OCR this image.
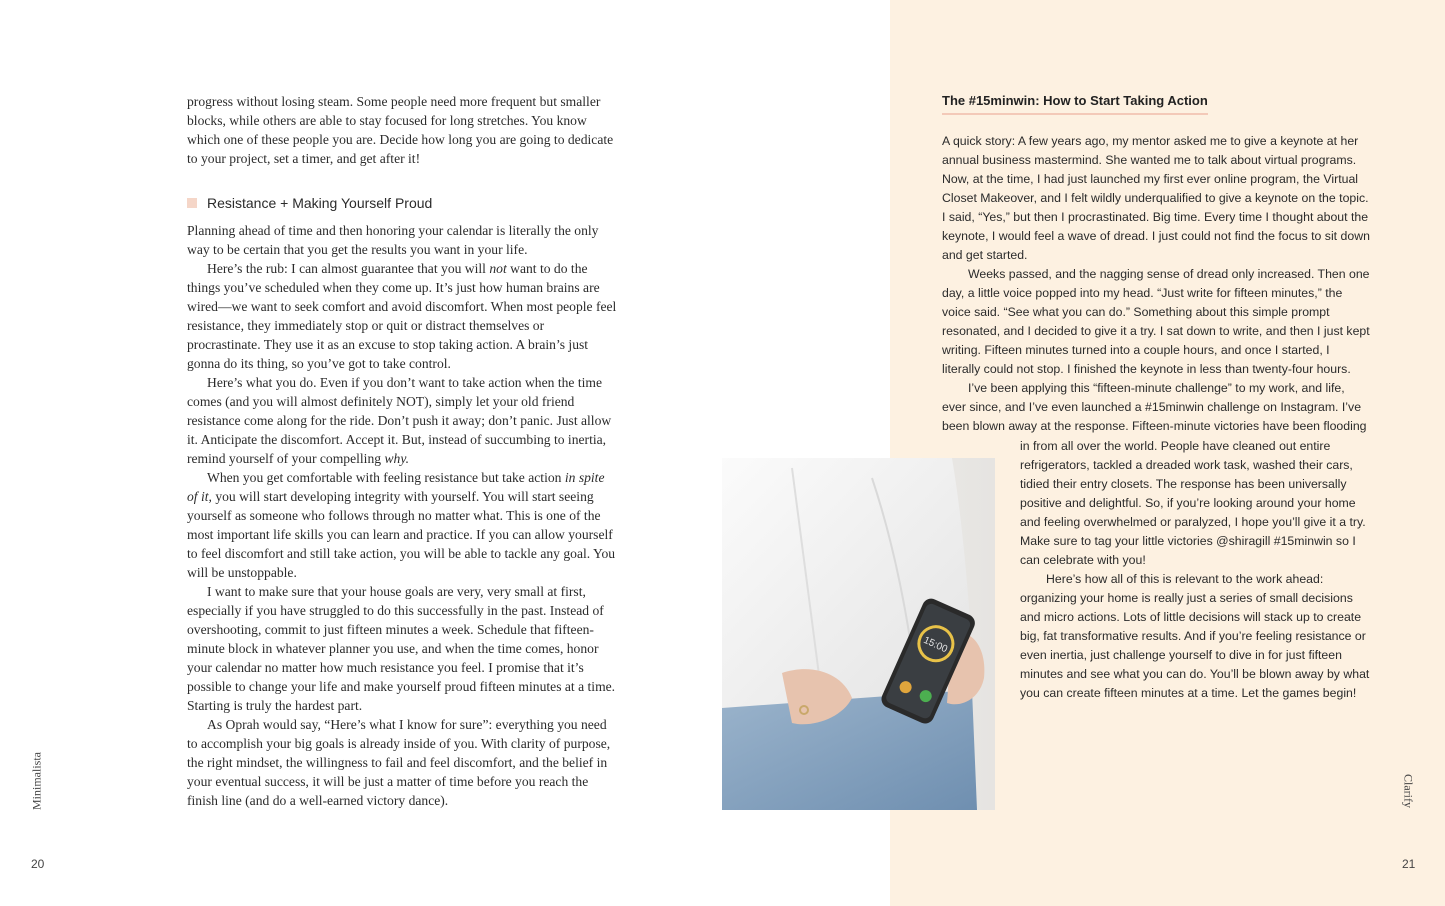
progress without losing steam. Some people need more frequent but smaller blocks, while others are able to stay focused for long stretches. You know which one of these people you are. Decide how long you are going to dedicate to your project, set a timer, and get after it!

Resistance + Making Yourself Proud

Planning ahead of time and then honoring your calendar is literally the only way to be certain that you get the results you want in your life.

Here’s the rub: I can almost guarantee that you will not want to do the things you’ve scheduled when they come up. It’s just how human brains are wired—we want to seek comfort and avoid discomfort. When most people feel resistance, they immediately stop or quit or distract themselves or procrastinate. They use it as an excuse to stop taking action. A brain’s just gonna do its thing, so you’ve got to take control.

Here’s what you do. Even if you don’t want to take action when the time comes (and you will almost definitely NOT), simply let your old friend resistance come along for the ride. Don’t push it away; don’t panic. Just allow it. Anticipate the discomfort. Accept it. But, instead of succumbing to inertia, remind yourself of your compelling why.

When you get comfortable with feeling resistance but take action in spite of it, you will start developing integrity with yourself. You will start seeing yourself as someone who follows through no matter what. This is one of the most important life skills you can learn and practice. If you can allow yourself to feel discomfort and still take action, you will be able to tackle any goal. You will be unstoppable.

I want to make sure that your house goals are very, very small at first, especially if you have struggled to do this successfully in the past. Instead of overshooting, commit to just fifteen minutes a week. Schedule that fifteen-minute block in whatever planner you use, and when the time comes, honor your calendar no matter how much resistance you feel. I promise that it’s possible to change your life and make yourself proud fifteen minutes at a time. Starting is truly the hardest part.

As Oprah would say, “Here’s what I know for sure”: everything you need to accomplish your big goals is already inside of you. With clarity of purpose, the right mindset, the willingness to fail and feel discomfort, and the belief in your eventual success, it will be just a matter of time before you reach the finish line (and do a well-earned victory dance).

Minimalista
20
The #15minwin: How to Start Taking Action

A quick story: A few years ago, my mentor asked me to give a keynote at her annual business mastermind. She wanted me to talk about virtual programs. Now, at the time, I had just launched my first ever online program, the Virtual Closet Makeover, and I felt wildly underqualified to give a keynote on the topic. I said, “Yes,” but then I procrastinated. Big time. Every time I thought about the keynote, I would feel a wave of dread. I just could not find the focus to sit down and get started.

Weeks passed, and the nagging sense of dread only increased. Then one day, a little voice popped into my head. “Just write for fifteen minutes,” the voice said. “See what you can do.” Something about this simple prompt resonated, and I decided to give it a try. I sat down to write, and then I just kept writing. Fifteen minutes turned into a couple hours, and once I started, I literally could not stop. I finished the keynote in less than twenty-four hours.

I’ve been applying this “fifteen-minute challenge” to my work, and life, ever since, and I’ve even launched a #15minwin challenge on Instagram. I’ve been blown away at the response. Fifteen-minute victories have been flooding

in from all over the world. People have cleaned out entire refrigerators, tackled a dreaded work task, washed their cars, tidied their entry closets. The response has been universally positive and delightful. So, if you’re looking around your home and feeling overwhelmed or paralyzed, I hope you’ll give it a try. Make sure to tag your little victories @shiragill #15minwin so I can celebrate with you!

Here’s how all of this is relevant to the work ahead: organizing your home is really just a series of small decisions and micro actions. Lots of little decisions will stack up to create big, fat transformative results. And if you’re feeling resistance or even inertia, just challenge yourself to dive in for just fifteen minutes and see what you can do. You’ll be blown away by what you can create fifteen minutes at a time. Let the games begin!

15:00
Clarify
21
